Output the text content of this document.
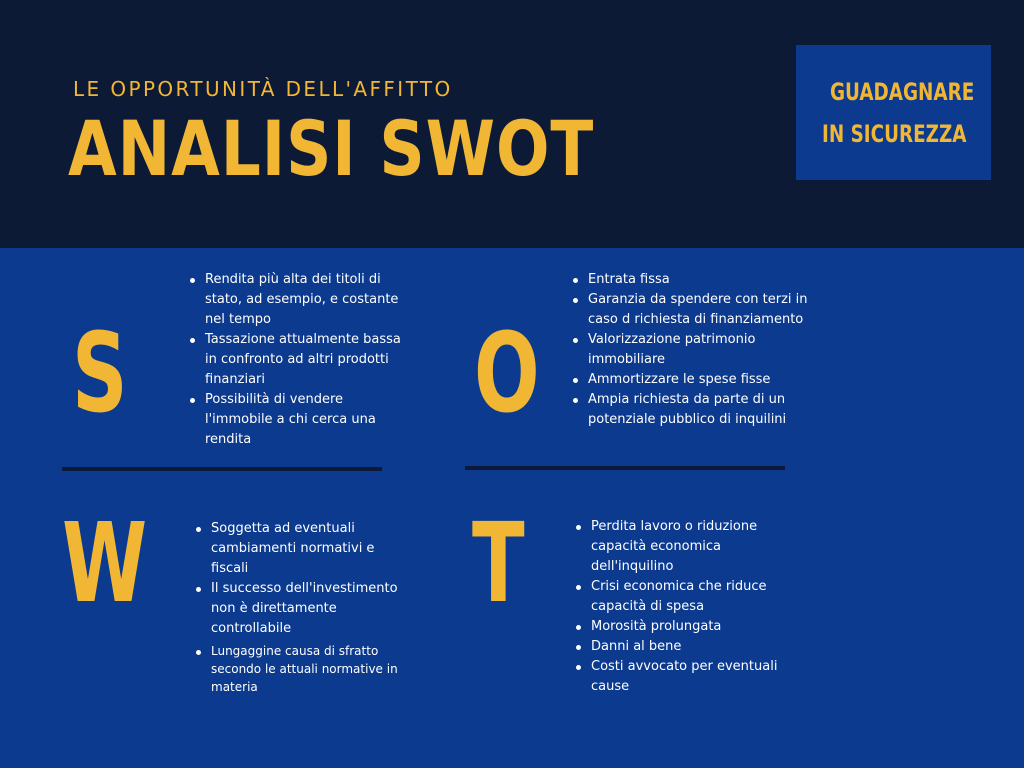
LE OPPORTUNITÀ DELL'AFFITTO
ANALISI SWOT
GUADAGNARE
IN SICUREZZA
S
Rendita più alta dei titoli di stato, ad esempio, e costante nel tempo
Tassazione attualmente bassa in confronto ad altri prodotti finanziari
Possibilità di vendere l'immobile a chi cerca una rendita
O
Entrata fissa
Garanzia da spendere con terzi in caso d richiesta di finanziamento
Valorizzazione patrimonio immobiliare
Ammortizzare le spese fisse
Ampia richiesta da parte di un potenziale pubblico di inquilini
W	Soggetta ad eventuali cambiamenti normativi e fiscali
Il successo dell'investimento non è direttamente controllabile
Lungaggine causa di sfratto secondo le attuali normative in materia
T	Perdita lavoro o riduzione capacità economica dell'inquilino
Crisi economica che riduce capacità di spesa
Morosità prolungata
Danni al bene
Costi avvocato per eventuali cause
